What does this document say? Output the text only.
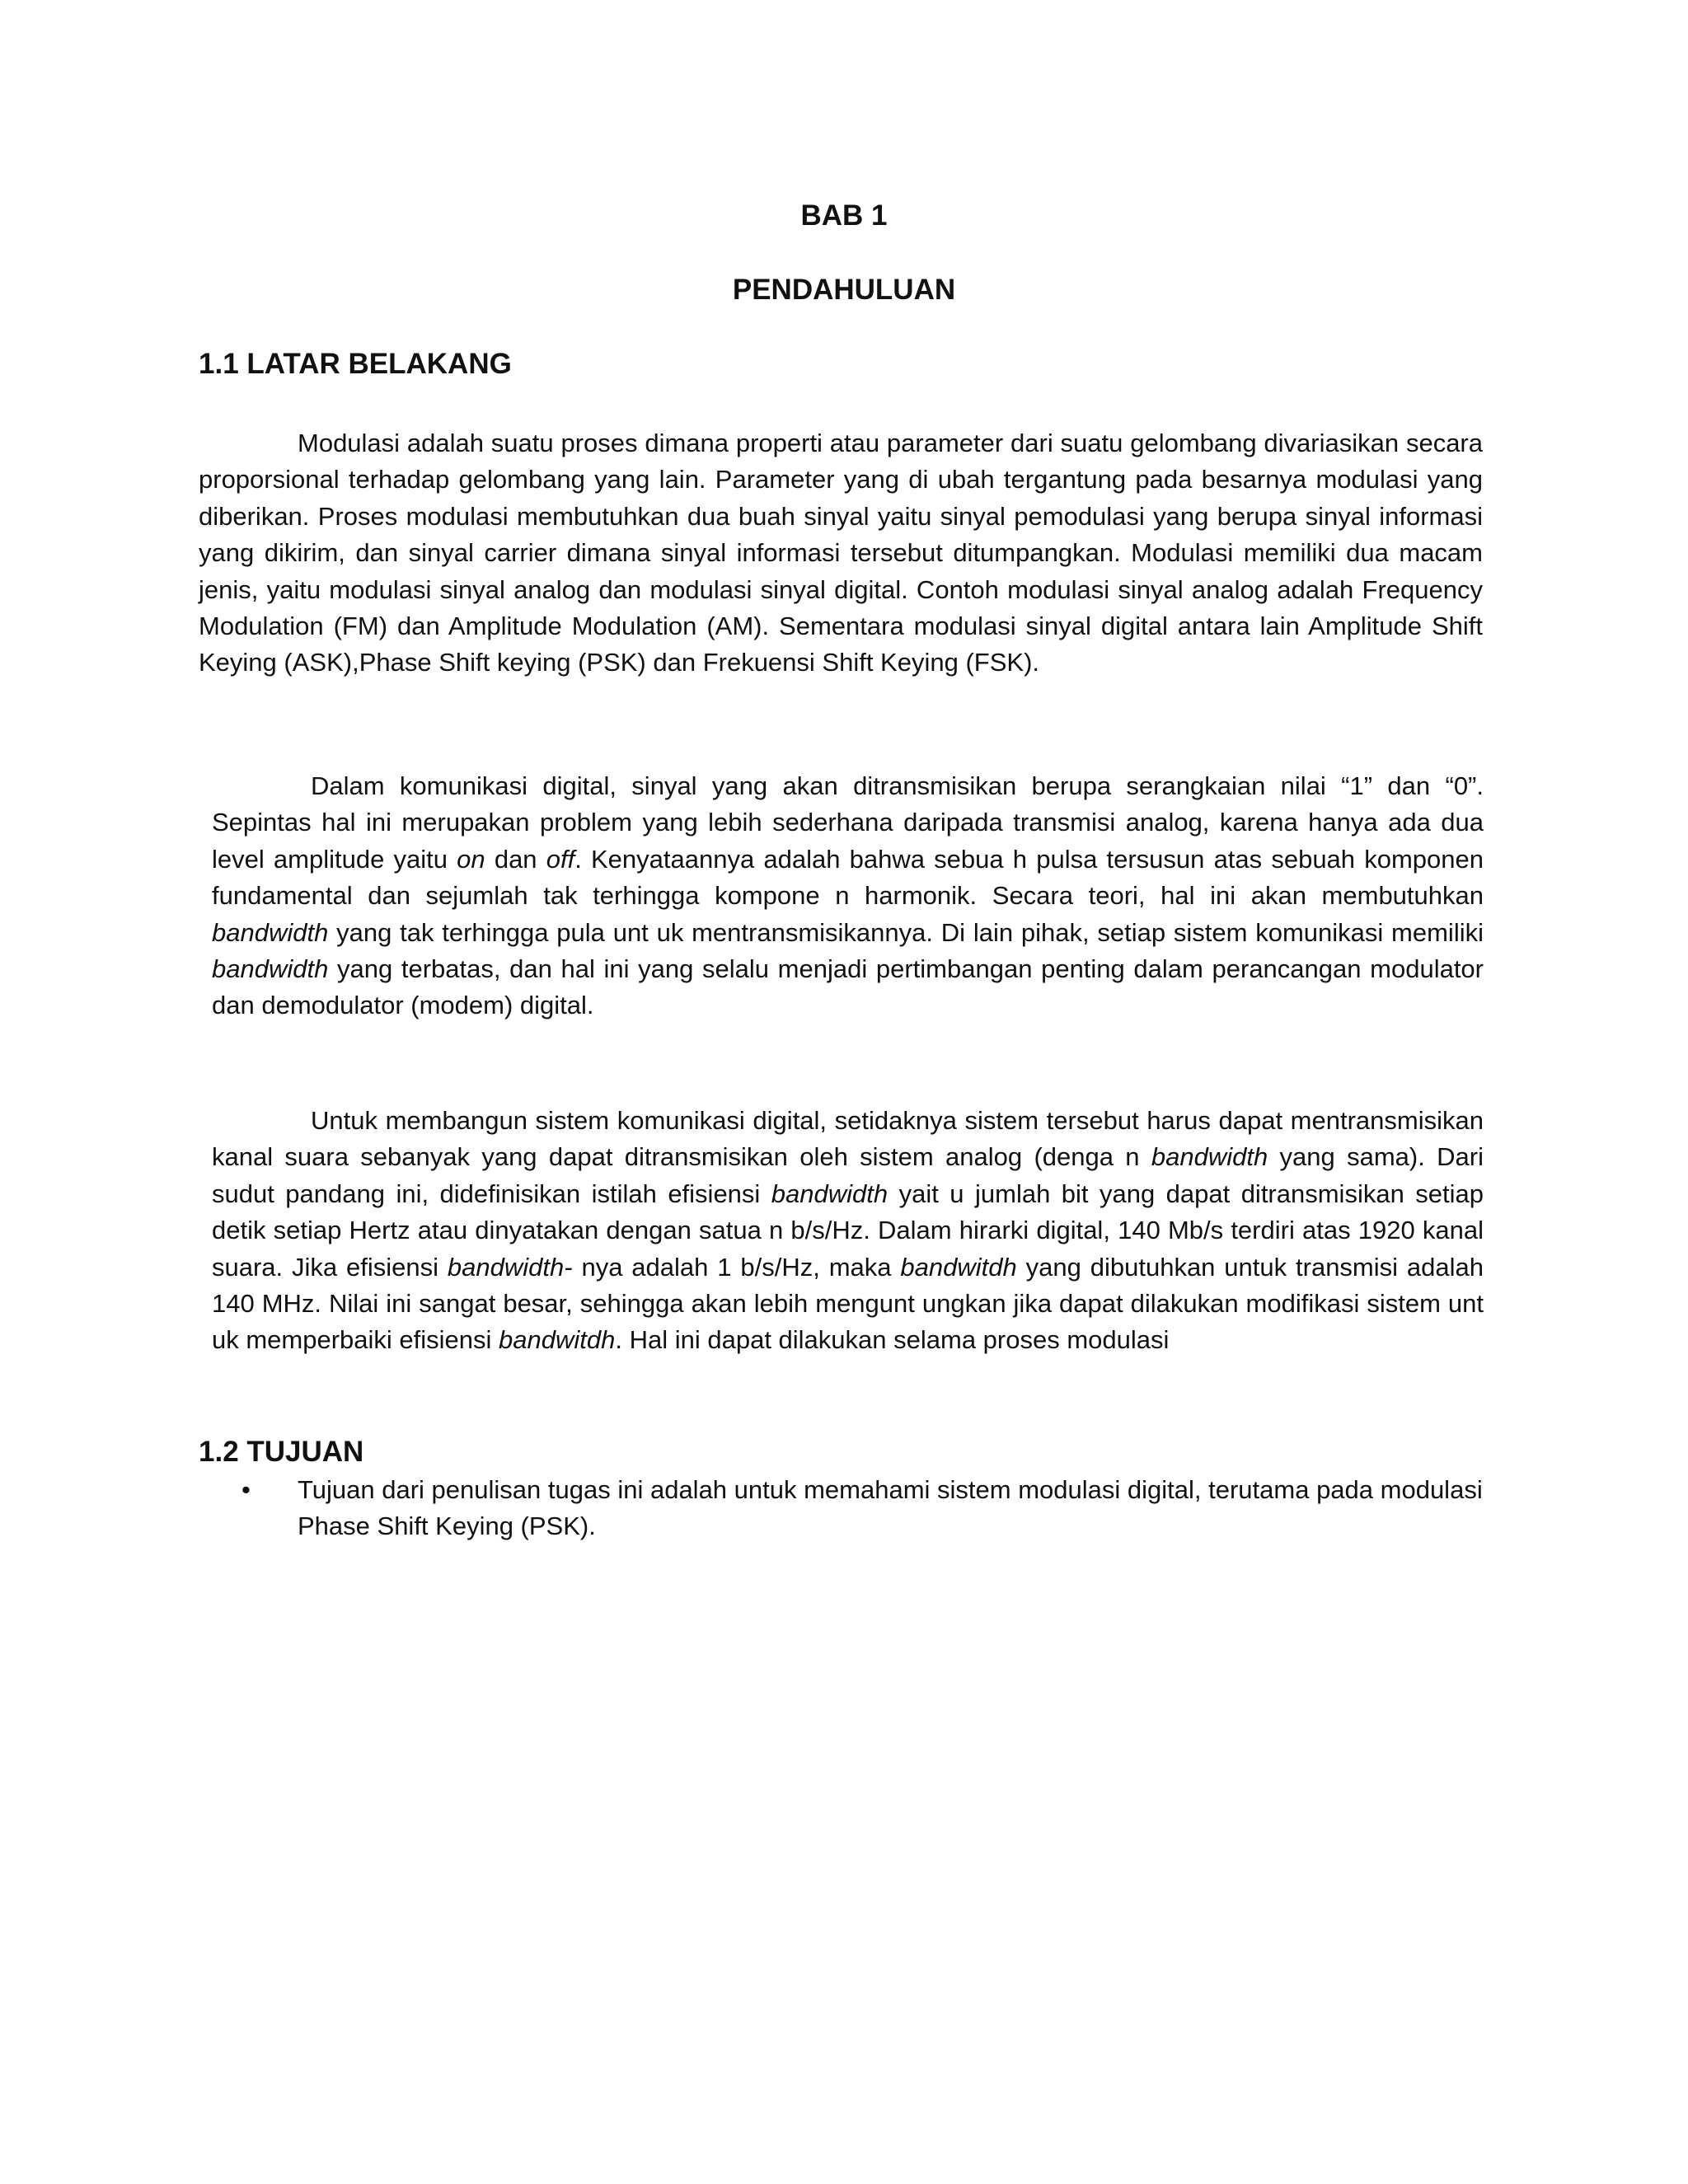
BAB 1
PENDAHULUAN
1.1 LATAR BELAKANG

Modulasi adalah suatu proses dimana properti atau parameter dari suatu gelombang divariasikan secara proporsional terhadap gelombang yang lain. Parameter yang di ubah tergantung pada besarnya modulasi yang diberikan. Proses modulasi membutuhkan dua buah sinyal yaitu sinyal pemodulasi yang berupa sinyal informasi yang dikirim, dan sinyal carrier dimana sinyal informasi tersebut ditumpangkan. Modulasi memiliki dua macam jenis, yaitu modulasi sinyal analog dan modulasi sinyal digital. Contoh modulasi sinyal analog adalah Frequency Modulation (FM) dan Amplitude Modulation (AM). Sementara modulasi sinyal digital antara lain Amplitude Shift Keying (ASK),Phase Shift keying (PSK) dan Frekuensi Shift Keying (FSK).

Dalam komunikasi digital, sinyal yang akan ditransmisikan berupa serangkaian nilai “1” dan “0”. Sepintas hal ini merupakan problem yang lebih sederhana daripada transmisi analog, karena hanya ada dua level amplitude yaitu on dan off. Kenyataannya adalah bahwa sebua h pulsa tersusun atas sebuah komponen fundamental dan sejumlah tak terhingga kompone n harmonik. Secara teori, hal ini akan membutuhkan bandwidth yang tak terhingga pula unt uk mentransmisikannya. Di lain pihak, setiap sistem komunikasi memiliki bandwidth yang terbatas, dan hal ini yang selalu menjadi pertimbangan penting dalam perancangan modulator dan demodulator (modem) digital.

Untuk membangun sistem komunikasi digital, setidaknya sistem tersebut harus dapat mentransmisikan kanal suara sebanyak yang dapat ditransmisikan oleh sistem analog (denga n bandwidth yang sama). Dari sudut pandang ini, didefinisikan istilah efisiensi bandwidth yait u jumlah bit yang dapat ditransmisikan setiap detik setiap Hertz atau dinyatakan dengan satua n b/s/Hz. Dalam hirarki digital, 140 Mb/s terdiri atas 1920 kanal suara. Jika efisiensi bandwidth- nya adalah 1 b/s/Hz, maka bandwitdh yang dibutuhkan untuk transmisi adalah 140 MHz. Nilai ini sangat besar, sehingga akan lebih mengunt ungkan jika dapat dilakukan modifikasi sistem unt uk memperbaiki efisiensi bandwitdh. Hal ini dapat dilakukan selama proses modulasi

1.2 TUJUAN
• Tujuan dari penulisan tugas ini adalah untuk memahami sistem modulasi digital, terutama pada modulasi Phase Shift Keying (PSK).
